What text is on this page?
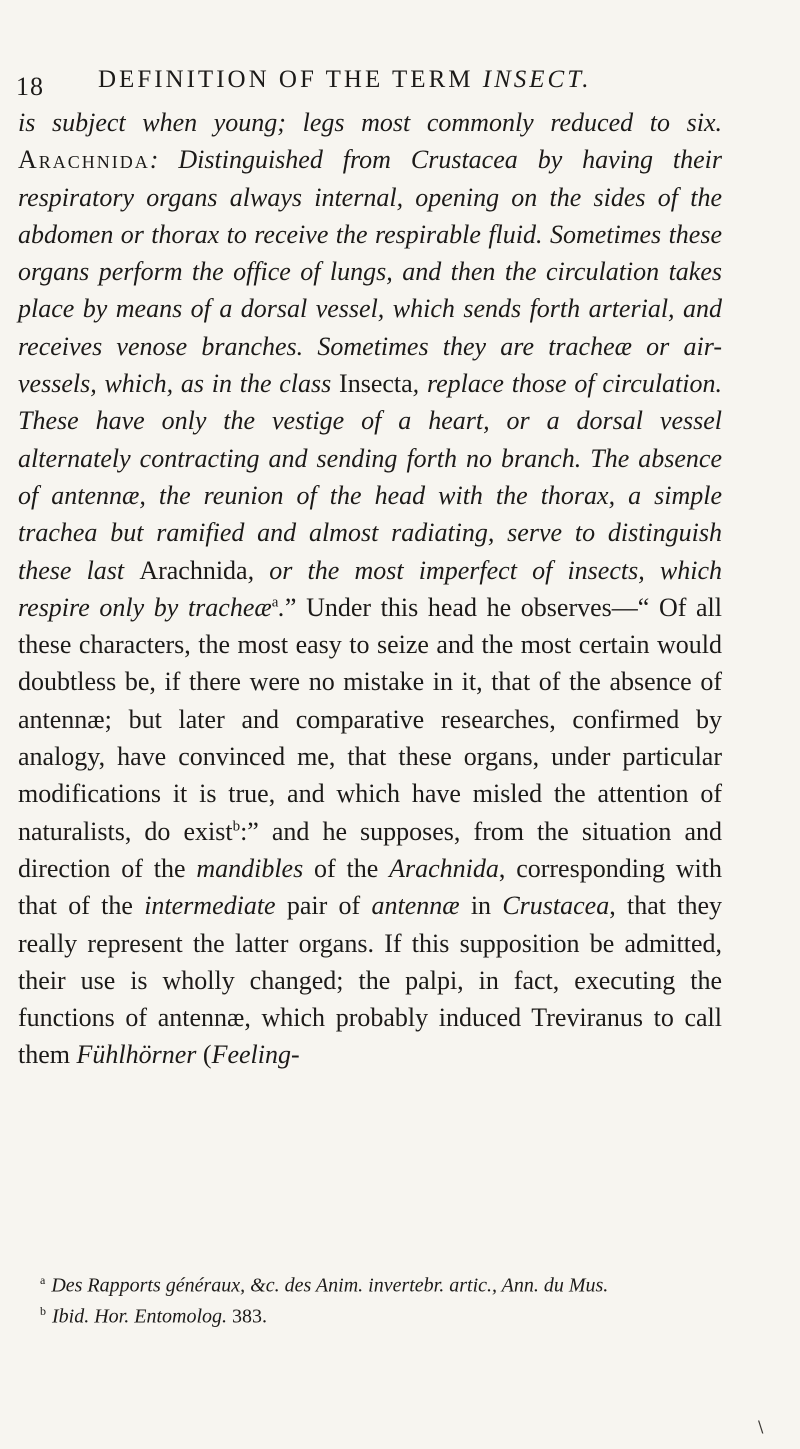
18 DEFINITION OF THE TERM INSECT.

is subject when young; legs most commonly reduced to six. Arachnida: Distinguished from Crustacea by having their respiratory organs always internal, opening on the sides of the abdomen or thorax to receive the respirable fluid. Sometimes these organs perform the office of lungs, and then the circulation takes place by means of a dorsal vessel, which sends forth arterial, and receives venose branches. Sometimes they are tracheæ or air-vessels, which, as in the class Insecta, replace those of circulation. These have only the vestige of a heart, or a dorsal vessel alternately contracting and sending forth no branch. The absence of antennæ, the reunion of the head with the thorax, a simple trachea but ramified and almost radiating, serve to distinguish these last Arachnida, or the most imperfect of insects, which respire only by tracheæ$^a$.” Under this head he observes—“ Of all these characters, the most easy to seize and the most certain would doubtless be, if there were no mistake in it, that of the absence of antennæ; but later and comparative researches, confirmed by analogy, have convinced me, that these organs, under particular modifications it is true, and which have misled the attention of naturalists, do exist$^b$:” and he supposes, from the situation and direction of the mandibles of the Arachnida, corresponding with that of the intermediate pair of antennæ in Crustacea, that they really represent the latter organs. If this supposition be admitted, their use is wholly changed; the palpi, in fact, executing the functions of antennæ, which probably induced Treviranus to call them Fühlhörner (Feeling-

$^a$ Des Rapports généraux, &c. des Anim. invertebr. artic., Ann. du Mus.

$^b$ Ibid. Hor. Entomolog. 383.

\
